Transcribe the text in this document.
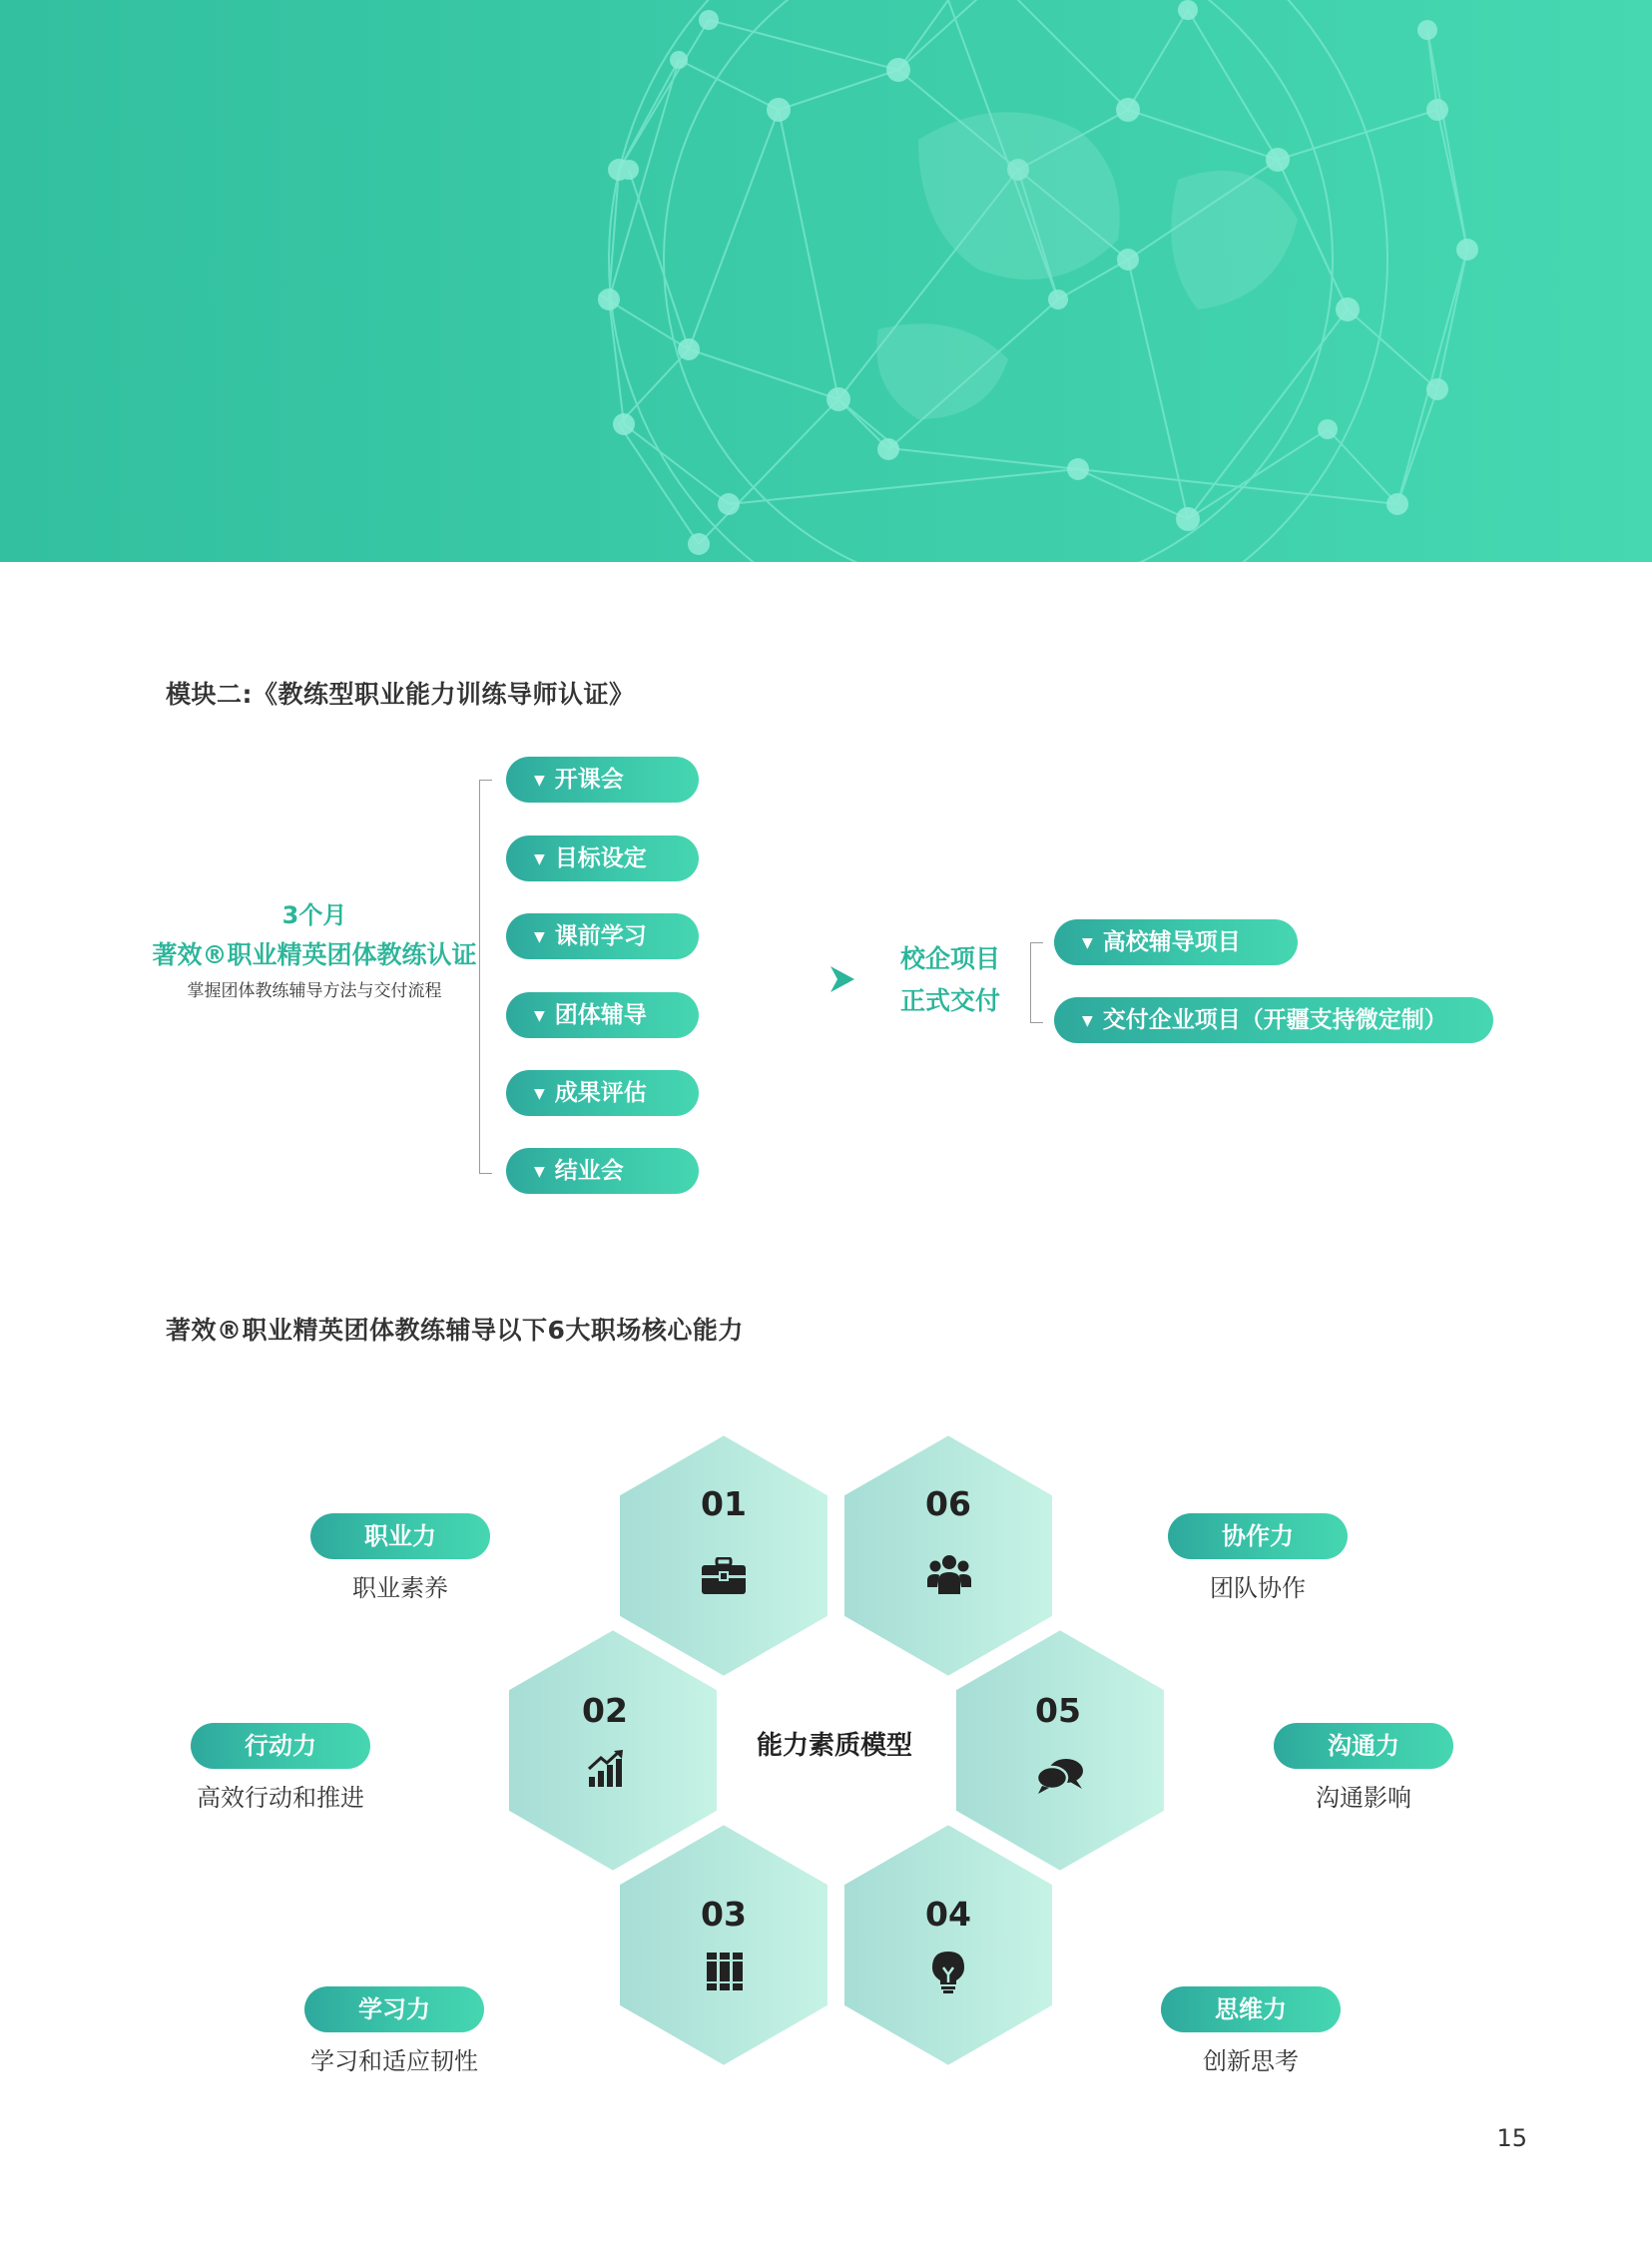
模块二:《教练型职业能力训练导师认证》
3个月
著效®职业精英团体教练认证
掌握团体教练辅导方法与交付流程
▼ 开课会
▼ 目标设定
▼ 课前学习
▼ 团体辅导
▼ 成果评估
▼ 结业会
校企项目
正式交付
▼ 高校辅导项目
▼ 交付企业项目（开疆支持微定制）
著效®职业精英团体教练辅导以下6大职场核心能力
01	06
02	05
03	04
能力素质模型
职业力
职业素养
行动力
高效行动和推进
学习力
学习和适应韧性
协作力
团队协作
沟通力
沟通影响
思维力
创新思考
15
